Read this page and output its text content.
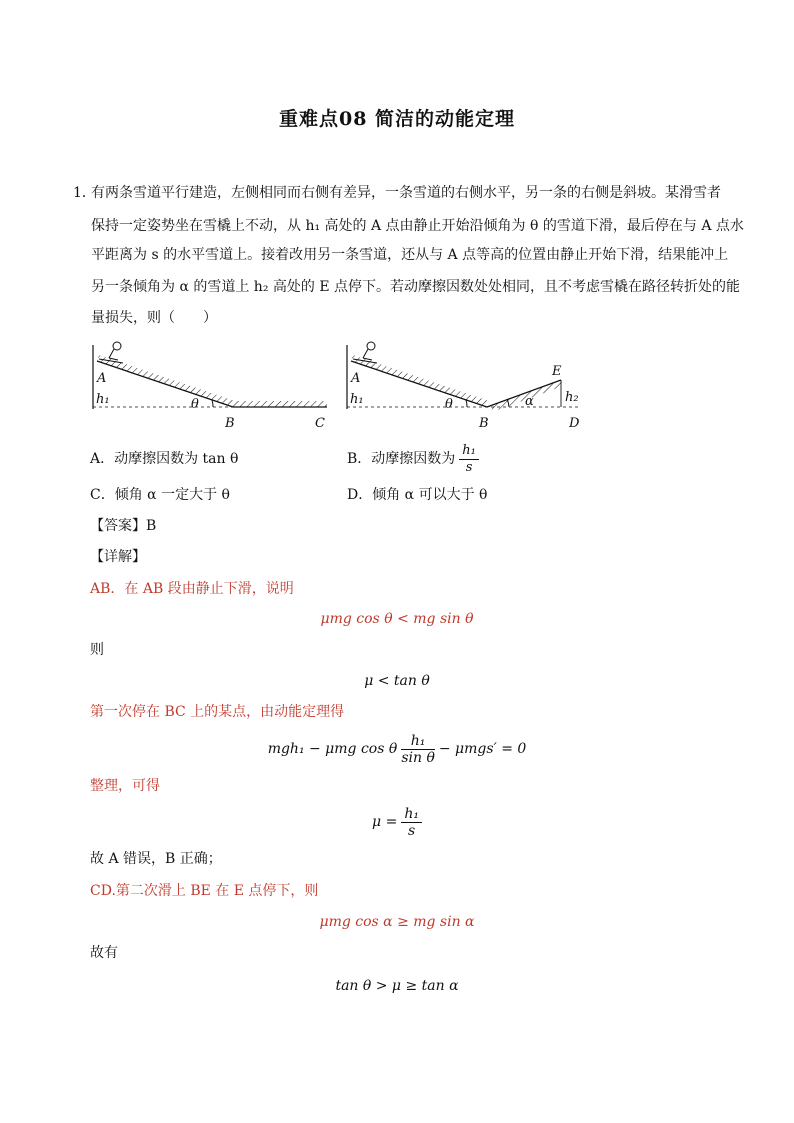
重难点08 简洁的动能定理
1．
有两条雪道平行建造，左侧相同而右侧有差异，一条雪道的右侧水平，另一条的右侧是斜坡。某滑雪者
保持一定姿势坐在雪橇上不动，从 h₁ 高处的 A 点由静止开始沿倾角为 θ 的雪道下滑，最后停在与 A 点水
平距离为 s 的水平雪道上。接着改用另一条雪道，还从与 A 点等高的位置由静止开始下滑，结果能冲上
另一条倾角为 α 的雪道上 h₂ 高处的 E 点停下。若动摩擦因数处处相同，且不考虑雪橇在路径转折处的能
量损失，则（　　）
A
h₁	θ
B	C
A
h₁	θ
B
α
E
h₂
D
A．动摩擦因数为 tan θ	B．动摩擦因数为 $\frac{\text{h₁}}{s}$
C．倾角 α 一定大于 θ	D．倾角 α 可以大于 θ
【答案】B
【详解】
AB．在 AB 段由静止下滑，说明
μmg cos θ < mg sin θ
则
μ < tan θ
第一次停在 BC 上的某点，由动能定理得
mgh₁ − μmg cos θ $\frac{\text{h₁}}{\text{sin θ}} - \mu mgs' = 0$
整理，可得
$\mu = \frac{\text{h₁}}{s}$
故 A 错误，B 正确；
CD.第二次滑上 BE 在 E 点停下，则
μmg cos α ≥ mg sin α
故有
tan θ > μ ≥ tan α
